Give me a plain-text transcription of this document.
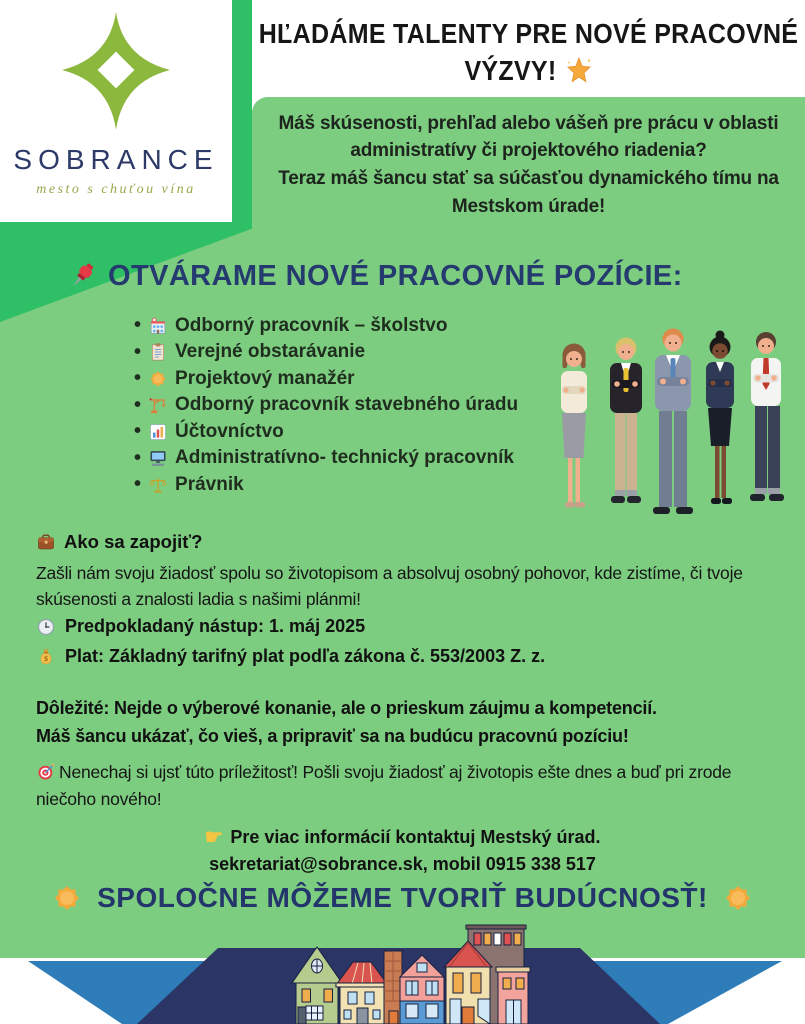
SOBRANCE
mesto s chuťou vína
HĽADÁME TALENTY PRE NOVÉ PRACOVNÉ
VÝZVY!

Máš skúsenosti, prehľad alebo vášeň pre prácu v oblasti administratívy či projektového riadenia?

Teraz máš šancu stať sa súčasťou dynamického tímu na Mestskom úrade!

OTVÁRAME NOVÉ PRACOVNÉ POZÍCIE:
• Odborný pracovník – školstvo
• Verejné obstarávanie
• Projektový manažér
• Odborný pracovník stavebného úradu
• Účtovníctvo
• Administratívno- technický pracovník
• Právnik
Ako sa zapojiť?

Zašli nám svoju žiadosť spolu so životopisom a absolvuj osobný pohovor, kde zistíme, či tvoje skúsenosti a znalosti ladia s našimi plánmi!

Predpokladaný nástup: 1. máj 2025
$ Plat: Základný tarifný plat podľa zákona č. 553/2003 Z. z.
Dôležité: Nejde o výberové konanie, ale o prieskum záujmu a kompetencií.
Máš šancu ukázať, čo vieš, a pripraviť sa na budúcu pracovnú pozíciu!
Nenechaj si ujsť túto príležitosť! Pošli svoju žiadosť aj životopis ešte dnes a buď pri zrode niečoho nového!
☛ Pre viac informácií kontaktuj Mestský úrad.
sekretariat@sobrance.sk, mobil 0915 338 517
SPOLOČNE MÔŽEME TVORIŤ BUDÚCNOSŤ!
